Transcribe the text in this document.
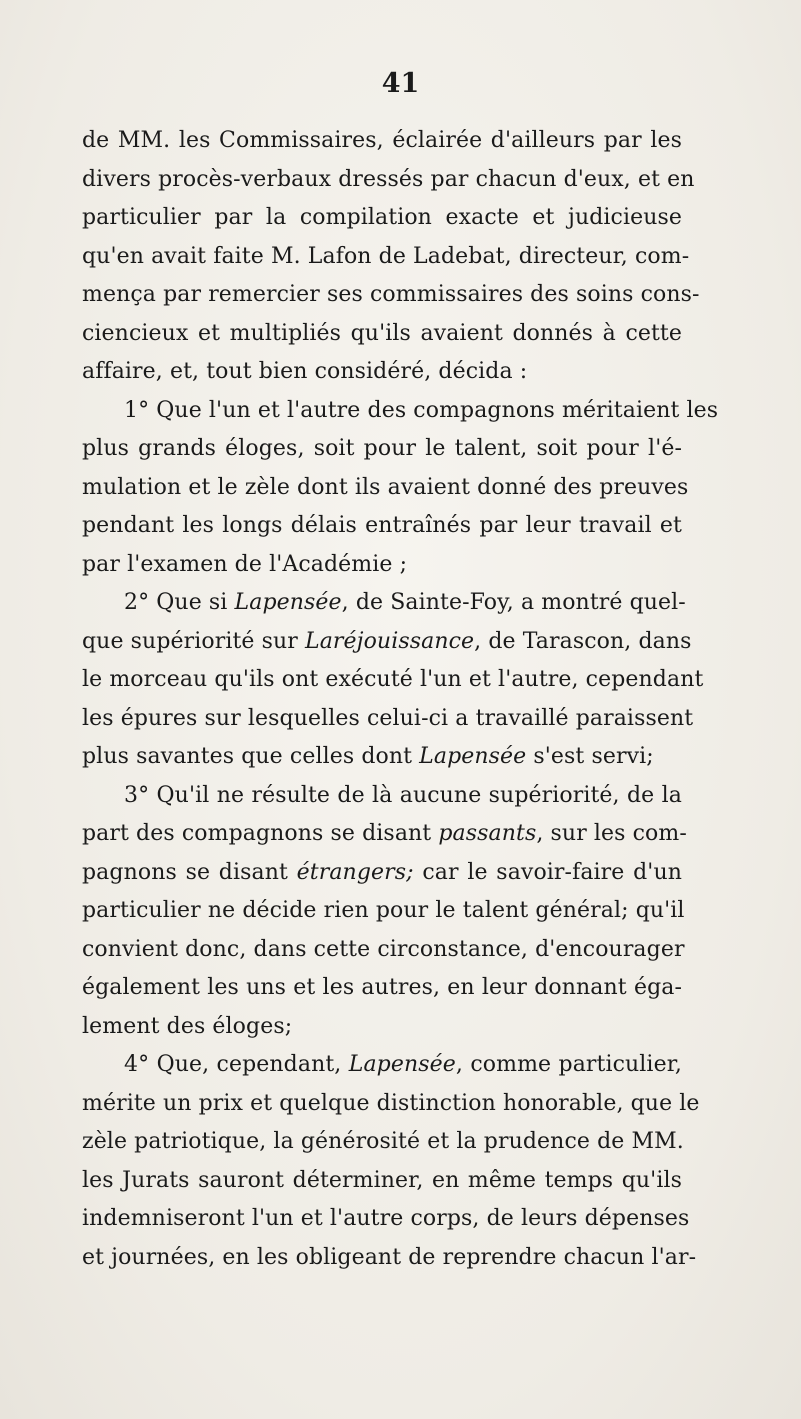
41
de MM. les Commissaires, éclairée d'ailleurs par les
divers procès-verbaux dressés par chacun d'eux, et en
particulier par la compilation exacte et judicieuse
qu'en avait faite M. Lafon de Ladebat, directeur, com-
mença par remercier ses commissaires des soins cons-
ciencieux et multipliés qu'ils avaient donnés à cette
affaire, et, tout bien considéré, décida :
1° Que l'un et l'autre des compagnons méritaient les
plus grands éloges, soit pour le talent, soit pour l'é-
mulation et le zèle dont ils avaient donné des preuves
pendant les longs délais entraînés par leur travail et
par l'examen de l'Académie ;
2° Que si Lapensée, de Sainte-Foy, a montré quel-
que supériorité sur Laréjouissance, de Tarascon, dans
le morceau qu'ils ont exécuté l'un et l'autre, cependant
les épures sur lesquelles celui-ci a travaillé paraissent
plus savantes que celles dont Lapensée s'est servi;
3° Qu'il ne résulte de là aucune supériorité, de la
part des compagnons se disant passants, sur les com-
pagnons se disant étrangers; car le savoir-faire d'un
particulier ne décide rien pour le talent général; qu'il
convient donc, dans cette circonstance, d'encourager
également les uns et les autres, en leur donnant éga-
lement des éloges;
4° Que, cependant, Lapensée, comme particulier,
mérite un prix et quelque distinction honorable, que le
zèle patriotique, la générosité et la prudence de MM.
les Jurats sauront déterminer, en même temps qu'ils
indemniseront l'un et l'autre corps, de leurs dépenses
et journées, en les obligeant de reprendre chacun l'ar-
